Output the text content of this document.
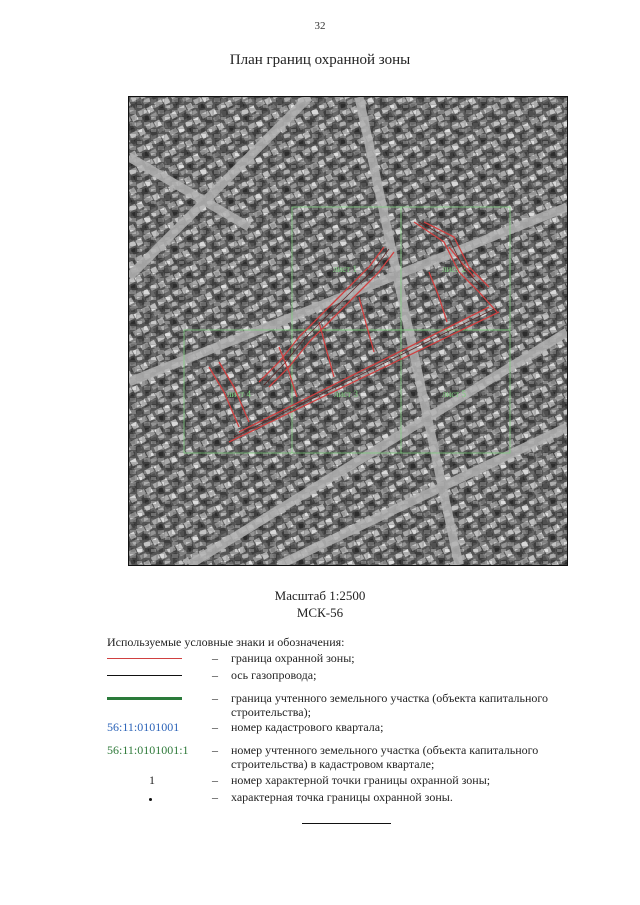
32
План границ охранной зоны
лист 1	лист 2
лист 4	лист 3	лист 5
Масштаб 1:2500
МСК-56
Используемые условные знаки и обозначения:
– граница охранной зоны;
– ось газопровода;
– граница учтенного земельного участка (объекта капитального строительства);
56:11:0101001	– номер кадастрового квартала;
56:11:0101001:1	– номер учтенного земельного участка (объекта капитального строительства) в кадастровом квартале;
1	– номер характерной точки границы охранной зоны;
– характерная точка границы охранной зоны.
